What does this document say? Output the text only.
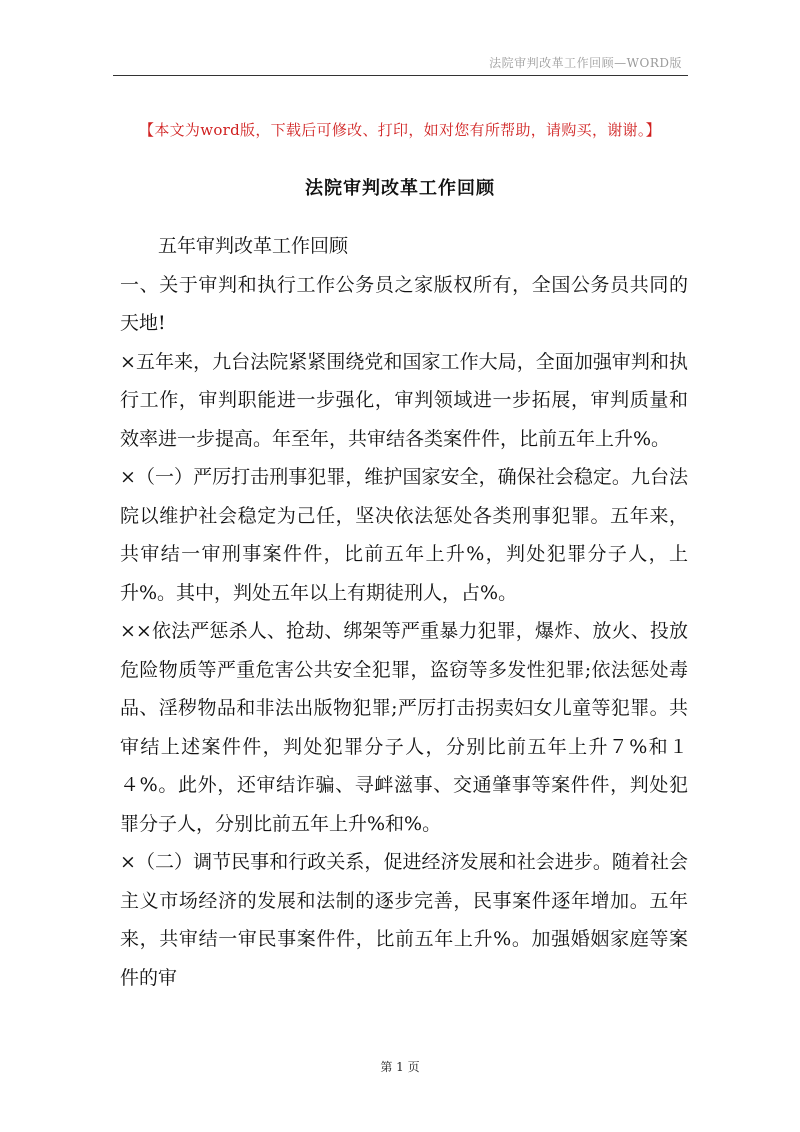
法院审判改革工作回顾—WORD版
【本文为word版，下载后可修改、打印，如对您有所帮助，请购买，谢谢。】
法院审判改革工作回顾

五年审判改革工作回顾

一、关于审判和执行工作公务员之家版权所有，全国公务员共同的天地!

×五年来，九台法院紧紧围绕党和国家工作大局，全面加强审判和执行工作，审判职能进一步强化，审判领域进一步拓展，审判质量和效率进一步提高。年至年，共审结各类案件件，比前五年上升%。

×（一）严厉打击刑事犯罪，维护国家安全，确保社会稳定。九台法院以维护社会稳定为己任，坚决依法惩处各类刑事犯罪。五年来，共审结一审刑事案件件，比前五年上升%，判处犯罪分子人，上升%。其中，判处五年以上有期徒刑人，占%。

××依法严惩杀人、抢劫、绑架等严重暴力犯罪，爆炸、放火、投放危险物质等严重危害公共安全犯罪，盗窃等多发性犯罪;依法惩处毒品、淫秽物品和非法出版物犯罪;严厉打击拐卖妇女儿童等犯罪。共审结上述案件件，判处犯罪分子人，分别比前五年上升７%和１４%。此外，还审结诈骗、寻衅滋事、交通肇事等案件件，判处犯罪分子人，分别比前五年上升%和%。

×（二）调节民事和行政关系，促进经济发展和社会进步。随着社会主义市场经济的发展和法制的逐步完善，民事案件逐年增加。五年来，共审结一审民事案件件，比前五年上升%。加强婚姻家庭等案件的审

第 1 页
